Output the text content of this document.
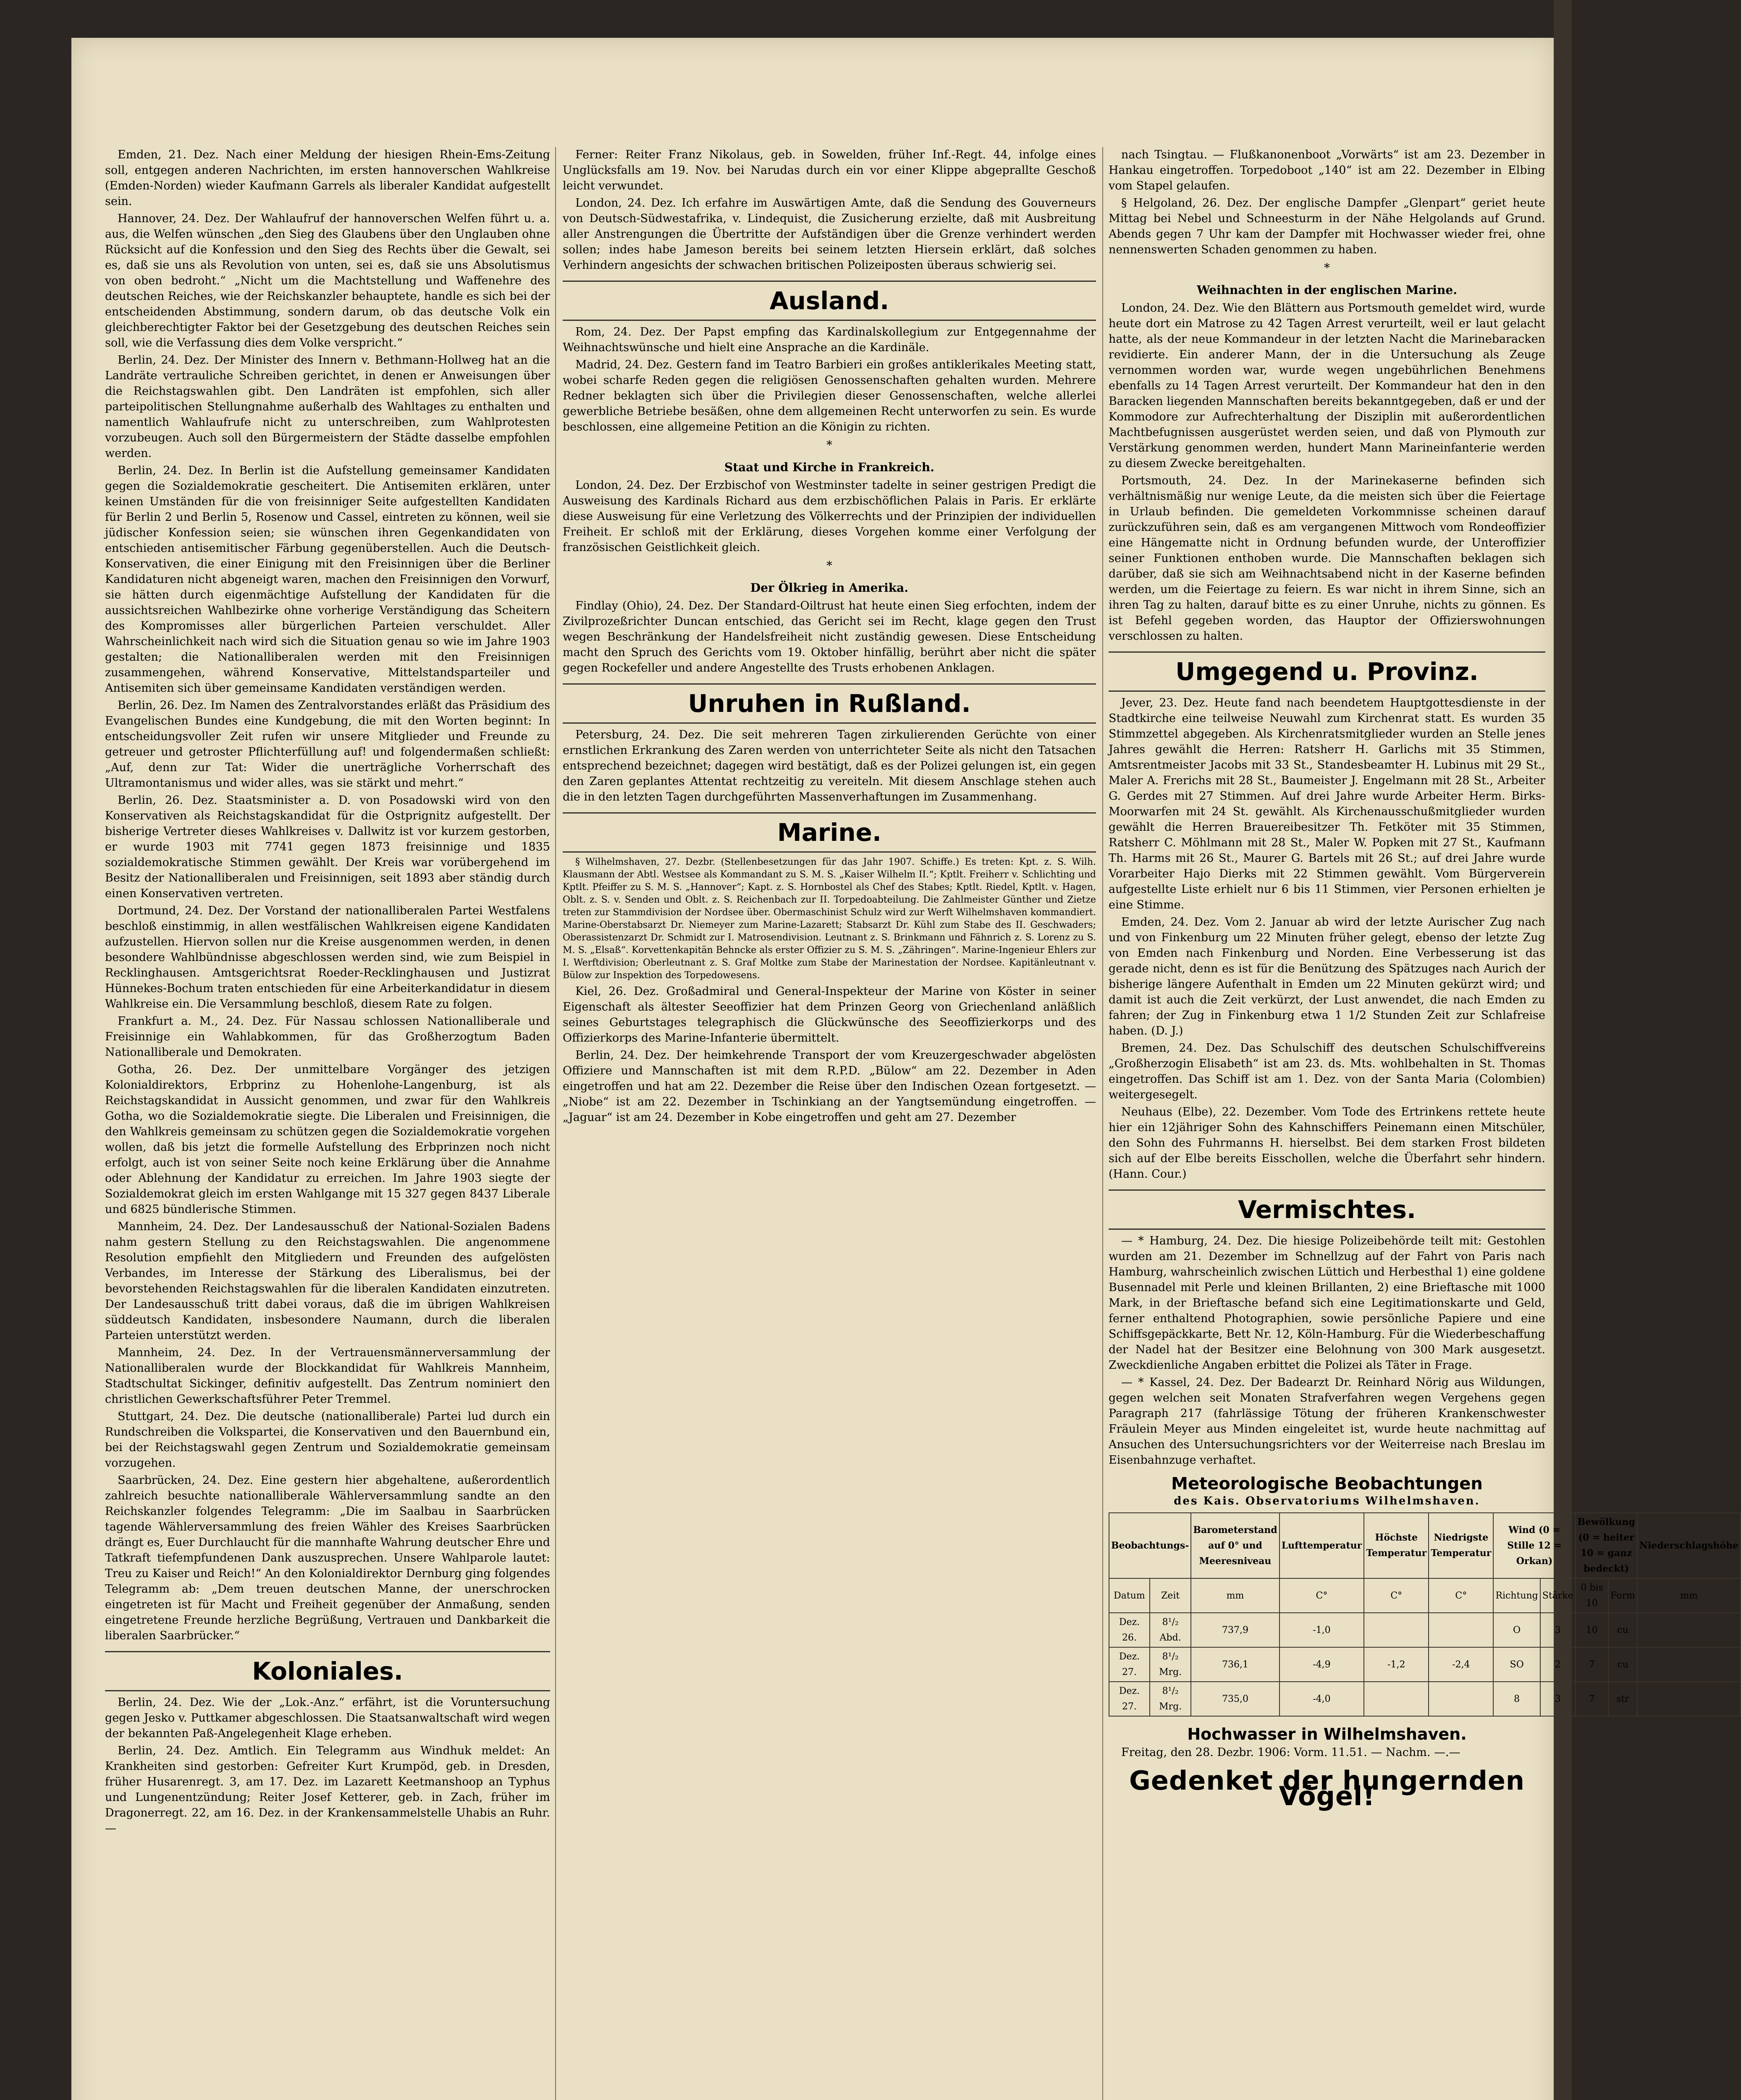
Emden, 21. Dez. Nach einer Meldung der hiesigen Rhein-Ems-Zeitung soll, entgegen anderen Nachrichten, im ersten hannoverschen Wahlkreise (Emden-Norden) wieder Kaufmann Garrels als liberaler Kandidat aufgestellt sein.

Hannover, 24. Dez. Der Wahlaufruf der hannoverschen Welfen führt u. a. aus, die Welfen wünschen „den Sieg des Glaubens über den Unglauben ohne Rücksicht auf die Konfession und den Sieg des Rechts über die Gewalt, sei es, daß sie uns als Revolution von unten, sei es, daß sie uns Absolutismus von oben bedroht.“ „Nicht um die Machtstellung und Waffenehre des deutschen Reiches, wie der Reichskanzler behauptete, handle es sich bei der entscheidenden Abstimmung, sondern darum, ob das deutsche Volk ein gleichberechtigter Faktor bei der Gesetzgebung des deutschen Reiches sein soll, wie die Verfassung dies dem Volke verspricht.“

Berlin, 24. Dez. Der Minister des Innern v. Bethmann-Hollweg hat an die Landräte vertrauliche Schreiben gerichtet, in denen er Anweisungen über die Reichstagswahlen gibt. Den Landräten ist empfohlen, sich aller parteipolitischen Stellungnahme außerhalb des Wahltages zu enthalten und namentlich Wahlaufrufe nicht zu unterschreiben, zum Wahlprotesten vorzubeugen. Auch soll den Bürgermeistern der Städte dasselbe empfohlen werden.

Berlin, 24. Dez. In Berlin ist die Aufstellung gemeinsamer Kandidaten gegen die Sozialdemokratie gescheitert. Die Antisemiten erklären, unter keinen Umständen für die von freisinniger Seite aufgestellten Kandidaten für Berlin 2 und Berlin 5, Rosenow und Cassel, eintreten zu können, weil sie jüdischer Konfession seien; sie wünschen ihren Gegenkandidaten von entschieden antisemitischer Färbung gegenüberstellen. Auch die Deutsch-Konservativen, die einer Einigung mit den Freisinnigen über die Berliner Kandidaturen nicht abgeneigt waren, machen den Freisinnigen den Vorwurf, sie hätten durch eigenmächtige Aufstellung der Kandidaten für die aussichtsreichen Wahlbezirke ohne vorherige Verständigung das Scheitern des Kompromisses aller bürgerlichen Parteien verschuldet. Aller Wahrscheinlichkeit nach wird sich die Situation genau so wie im Jahre 1903 gestalten; die Nationalliberalen werden mit den Freisinnigen zusammengehen, während Konservative, Mittelstandsparteiler und Antisemiten sich über gemeinsame Kandidaten verständigen werden.

Berlin, 26. Dez. Im Namen des Zentralvorstandes erläßt das Präsidium des Evangelischen Bundes eine Kundgebung, die mit den Worten beginnt: In entscheidungsvoller Zeit rufen wir unsere Mitglieder und Freunde zu getreuer und getroster Pflichterfüllung auf! und folgendermaßen schließt: „Auf, denn zur Tat: Wider die unerträgliche Vorherrschaft des Ultramontanismus und wider alles, was sie stärkt und mehrt.“

Berlin, 26. Dez. Staatsminister a. D. von Posadowski wird von den Konservativen als Reichstagskandidat für die Ostprignitz aufgestellt. Der bisherige Vertreter dieses Wahlkreises v. Dallwitz ist vor kurzem gestorben, er wurde 1903 mit 7741 gegen 1873 freisinnige und 1835 sozialdemokratische Stimmen gewählt. Der Kreis war vorübergehend im Besitz der Nationalliberalen und Freisinnigen, seit 1893 aber ständig durch einen Konservativen vertreten.

Dortmund, 24. Dez. Der Vorstand der nationalliberalen Partei Westfalens beschloß einstimmig, in allen westfälischen Wahlkreisen eigene Kandidaten aufzustellen. Hiervon sollen nur die Kreise ausgenommen werden, in denen besondere Wahlbündnisse abgeschlossen werden sind, wie zum Beispiel in Recklinghausen. Amtsgerichtsrat Roeder-Recklinghausen und Justizrat Hünnekes-Bochum traten entschieden für eine Arbeiterkandidatur in diesem Wahlkreise ein. Die Versammlung beschloß, diesem Rate zu folgen.

Frankfurt a. M., 24. Dez. Für Nassau schlossen Nationalliberale und Freisinnige ein Wahlabkommen, für das Großherzogtum Baden Nationalliberale und Demokraten.

Gotha, 26. Dez. Der unmittelbare Vorgänger des jetzigen Kolonialdirektors, Erbprinz zu Hohenlohe-Langenburg, ist als Reichstagskandidat in Aussicht genommen, und zwar für den Wahlkreis Gotha, wo die Sozialdemokratie siegte. Die Liberalen und Freisinnigen, die den Wahlkreis gemeinsam zu schützen gegen die Sozialdemokratie vorgehen wollen, daß bis jetzt die formelle Aufstellung des Erbprinzen noch nicht erfolgt, auch ist von seiner Seite noch keine Erklärung über die Annahme oder Ablehnung der Kandidatur zu erreichen. Im Jahre 1903 siegte der Sozialdemokrat gleich im ersten Wahlgange mit 15 327 gegen 8437 Liberale und 6825 bündlerische Stimmen.

Mannheim, 24. Dez. Der Landesausschuß der National-Sozialen Badens nahm gestern Stellung zu den Reichstagswahlen. Die angenommene Resolution empfiehlt den Mitgliedern und Freunden des aufgelösten Verbandes, im Interesse der Stärkung des Liberalismus, bei der bevorstehenden Reichstagswahlen für die liberalen Kandidaten einzutreten. Der Landesausschuß tritt dabei voraus, daß die im übrigen Wahlkreisen süddeutsch Kandidaten, insbesondere Naumann, durch die liberalen Parteien unterstützt werden.

Mannheim, 24. Dez. In der Vertrauensmännerversammlung der Nationalliberalen wurde der Blockkandidat für Wahlkreis Mannheim, Stadtschultat Sickinger, definitiv aufgestellt. Das Zentrum nominiert den christlichen Gewerkschaftsführer Peter Tremmel.

Stuttgart, 24. Dez. Die deutsche (nationalliberale) Partei lud durch ein Rundschreiben die Volkspartei, die Konservativen und den Bauernbund ein, bei der Reichstagswahl gegen Zentrum und Sozialdemokratie gemeinsam vorzugehen.

Saarbrücken, 24. Dez. Eine gestern hier abgehaltene, außerordentlich zahlreich besuchte nationalliberale Wählerversammlung sandte an den Reichskanzler folgendes Telegramm: „Die im Saalbau in Saarbrücken tagende Wählerversammlung des freien Wähler des Kreises Saarbrücken drängt es, Euer Durchlaucht für die mannhafte Wahrung deutscher Ehre und Tatkraft tiefempfundenen Dank auszusprechen. Unsere Wahlparole lautet: Treu zu Kaiser und Reich!“ An den Kolonialdirektor Dernburg ging folgendes Telegramm ab: „Dem treuen deutschen Manne, der unerschrocken eingetreten ist für Macht und Freiheit gegenüber der Anmaßung, senden eingetretene Freunde herzliche Begrüßung, Vertrauen und Dankbarkeit die liberalen Saarbrücker.“

Koloniales.

Berlin, 24. Dez. Wie der „Lok.-Anz.“ erfährt, ist die Voruntersuchung gegen Jesko v. Puttkamer abgeschlossen. Die Staatsanwaltschaft wird wegen der bekannten Paß-Angelegenheit Klage erheben.

Berlin, 24. Dez. Amtlich. Ein Telegramm aus Windhuk meldet: An Krankheiten sind gestorben: Gefreiter Kurt Krumpöd, geb. in Dresden, früher Husarenregt. 3, am 17. Dez. im Lazarett Keetmanshoop an Typhus und Lungenentzündung; Reiter Josef Ketterer, geb. in Zach, früher im Dragonerregt. 22, am 16. Dez. in der Krankensammelstelle Uhabis an Ruhr. —

Ferner: Reiter Franz Nikolaus, geb. in Sowelden, früher Inf.-Regt. 44, infolge eines Unglücksfalls am 19. Nov. bei Narudas durch ein vor einer Klippe abgeprallte Geschoß leicht verwundet.

London, 24. Dez. Ich erfahre im Auswärtigen Amte, daß die Sendung des Gouverneurs von Deutsch-Südwestafrika, v. Lindequist, die Zusicherung erzielte, daß mit Ausbreitung aller Anstrengungen die Übertritte der Aufständigen über die Grenze verhindert werden sollen; indes habe Jameson bereits bei seinem letzten Hiersein erklärt, daß solches Verhindern angesichts der schwachen britischen Polizeiposten überaus schwierig sei.

Ausland.

Rom, 24. Dez. Der Papst empfing das Kardinalskollegium zur Entgegennahme der Weihnachtswünsche und hielt eine Ansprache an die Kardinäle.

Madrid, 24. Dez. Gestern fand im Teatro Barbieri ein großes antiklerikales Meeting statt, wobei scharfe Reden gegen die religiösen Genossenschaften gehalten wurden. Mehrere Redner beklagten sich über die Privilegien dieser Genossenschaften, welche allerlei gewerbliche Betriebe besäßen, ohne dem allgemeinen Recht unterworfen zu sein. Es wurde beschlossen, eine allgemeine Petition an die Königin zu richten.

*
Staat und Kirche in Frankreich.

London, 24. Dez. Der Erzbischof von Westminster tadelte in seiner gestrigen Predigt die Ausweisung des Kardinals Richard aus dem erzbischöflichen Palais in Paris. Er erklärte diese Ausweisung für eine Verletzung des Völkerrechts und der Prinzipien der individuellen Freiheit. Er schloß mit der Erklärung, dieses Vorgehen komme einer Verfolgung der französischen Geistlichkeit gleich.

*
Der Ölkrieg in Amerika.

Findlay (Ohio), 24. Dez. Der Standard-Oiltrust hat heute einen Sieg erfochten, indem der Zivilprozeßrichter Duncan entschied, das Gericht sei im Recht, klage gegen den Trust wegen Beschränkung der Handelsfreiheit nicht zuständig gewesen. Diese Entscheidung macht den Spruch des Gerichts vom 19. Oktober hinfällig, berührt aber nicht die später gegen Rockefeller und andere Angestellte des Trusts erhobenen Anklagen.

Unruhen in Rußland.

Petersburg, 24. Dez. Die seit mehreren Tagen zirkulierenden Gerüchte von einer ernstlichen Erkrankung des Zaren werden von unterrichteter Seite als nicht den Tatsachen entsprechend bezeichnet; dagegen wird bestätigt, daß es der Polizei gelungen ist, ein gegen den Zaren geplantes Attentat rechtzeitig zu vereiteln. Mit diesem Anschlage stehen auch die in den letzten Tagen durchgeführten Massenverhaftungen im Zusammenhang.

Marine.

§ Wilhelmshaven, 27. Dezbr. (Stellenbesetzungen für das Jahr 1907. Schiffe.) Es treten: Kpt. z. S. Wilh. Klausmann der Abtl. Westsee als Kommandant zu S. M. S. „Kaiser Wilhelm II.“; Kptlt. Freiherr v. Schlichting und Kptlt. Pfeiffer zu S. M. S. „Hannover“; Kapt. z. S. Hornbostel als Chef des Stabes; Kptlt. Riedel, Kptlt. v. Hagen, Oblt. z. S. v. Senden und Oblt. z. S. Reichenbach zur II. Torpedoabteilung. Die Zahlmeister Günther und Zietze treten zur Stammdivision der Nordsee über. Obermaschinist Schulz wird zur Werft Wilhelmshaven kommandiert. Marine-Oberstabsarzt Dr. Niemeyer zum Marine-Lazarett; Stabsarzt Dr. Kühl zum Stabe des II. Geschwaders; Oberassistenzarzt Dr. Schmidt zur I. Matrosendivision. Leutnant z. S. Brinkmann und Fähnrich z. S. Lorenz zu S. M. S. „Elsaß“. Korvettenkapitän Behncke als erster Offizier zu S. M. S. „Zähringen“. Marine-Ingenieur Ehlers zur I. Werftdivision; Oberleutnant z. S. Graf Moltke zum Stabe der Marinestation der Nordsee. Kapitänleutnant v. Bülow zur Inspektion des Torpedowesens.

Kiel, 26. Dez. Großadmiral und General-Inspekteur der Marine von Köster in seiner Eigenschaft als ältester Seeoffizier hat dem Prinzen Georg von Griechenland anläßlich seines Geburtstages telegraphisch die Glückwünsche des Seeoffizierkorps und des Offizierkorps des Marine-Infanterie übermittelt.

Berlin, 24. Dez. Der heimkehrende Transport der vom Kreuzergeschwader abgelösten Offiziere und Mannschaften ist mit dem R.P.D. „Bülow“ am 22. Dezember in Aden eingetroffen und hat am 22. Dezember die Reise über den Indischen Ozean fortgesetzt. — „Niobe“ ist am 22. Dezember in Tschinkiang an der Yangtsemündung eingetroffen. — „Jaguar“ ist am 24. Dezember in Kobe eingetroffen und geht am 27. Dezember

nach Tsingtau. — Flußkanonenboot „Vorwärts“ ist am 23. Dezember in Hankau eingetroffen. Torpedoboot „140“ ist am 22. Dezember in Elbing vom Stapel gelaufen.

§ Helgoland, 26. Dez. Der englische Dampfer „Glenpart“ geriet heute Mittag bei Nebel und Schneesturm in der Nähe Helgolands auf Grund. Abends gegen 7 Uhr kam der Dampfer mit Hochwasser wieder frei, ohne nennenswerten Schaden genommen zu haben.

*
Weihnachten in der englischen Marine.

London, 24. Dez. Wie den Blättern aus Portsmouth gemeldet wird, wurde heute dort ein Matrose zu 42 Tagen Arrest verurteilt, weil er laut gelacht hatte, als der neue Kommandeur in der letzten Nacht die Marinebaracken revidierte. Ein anderer Mann, der in die Untersuchung als Zeuge vernommen worden war, wurde wegen ungebührlichen Benehmens ebenfalls zu 14 Tagen Arrest verurteilt. Der Kommandeur hat den in den Baracken liegenden Mannschaften bereits bekanntgegeben, daß er und der Kommodore zur Aufrechterhaltung der Disziplin mit außerordentlichen Machtbefugnissen ausgerüstet werden seien, und daß von Plymouth zur Verstärkung genommen werden, hundert Mann Marineinfanterie werden zu diesem Zwecke bereitgehalten.

Portsmouth, 24. Dez. In der Marinekaserne befinden sich verhältnismäßig nur wenige Leute, da die meisten sich über die Feiertage in Urlaub befinden. Die gemeldeten Vorkommnisse scheinen darauf zurückzuführen sein, daß es am vergangenen Mittwoch vom Rondeoffizier eine Hängematte nicht in Ordnung befunden wurde, der Unteroffizier seiner Funktionen enthoben wurde. Die Mannschaften beklagen sich darüber, daß sie sich am Weihnachtsabend nicht in der Kaserne befinden werden, um die Feiertage zu feiern. Es war nicht in ihrem Sinne, sich an ihren Tag zu halten, darauf bitte es zu einer Unruhe, nichts zu gönnen. Es ist Befehl gegeben worden, das Hauptor der Offizierswohnungen verschlossen zu halten.

Umgegend u. Provinz.

Jever, 23. Dez. Heute fand nach beendetem Hauptgottesdienste in der Stadtkirche eine teilweise Neuwahl zum Kirchenrat statt. Es wurden 35 Stimmzettel abgegeben. Als Kirchenratsmitglieder wurden an Stelle jenes Jahres gewählt die Herren: Ratsherr H. Garlichs mit 35 Stimmen, Amtsrentmeister Jacobs mit 33 St., Standesbeamter H. Lubinus mit 29 St., Maler A. Frerichs mit 28 St., Baumeister J. Engelmann mit 28 St., Arbeiter G. Gerdes mit 27 Stimmen. Auf drei Jahre wurde Arbeiter Herm. Birks-Moorwarfen mit 24 St. gewählt. Als Kirchenausschußmitglieder wurden gewählt die Herren Brauereibesitzer Th. Fetköter mit 35 Stimmen, Ratsherr C. Möhlmann mit 28 St., Maler W. Popken mit 27 St., Kaufmann Th. Harms mit 26 St., Maurer G. Bartels mit 26 St.; auf drei Jahre wurde Vorarbeiter Hajo Dierks mit 22 Stimmen gewählt. Vom Bürgerverein aufgestellte Liste erhielt nur 6 bis 11 Stimmen, vier Personen erhielten je eine Stimme.

Emden, 24. Dez. Vom 2. Januar ab wird der letzte Aurischer Zug nach und von Finkenburg um 22 Minuten früher gelegt, ebenso der letzte Zug von Emden nach Finkenburg und Norden. Eine Verbesserung ist das gerade nicht, denn es ist für die Benützung des Spätzuges nach Aurich der bisherige längere Aufenthalt in Emden um 22 Minuten gekürzt wird; und damit ist auch die Zeit verkürzt, der Lust anwendet, die nach Emden zu fahren; der Zug in Finkenburg etwa 1 1/2 Stunden Zeit zur Schlafreise haben. (D. J.)

Bremen, 24. Dez. Das Schulschiff des deutschen Schulschiffvereins „Großherzogin Elisabeth“ ist am 23. ds. Mts. wohlbehalten in St. Thomas eingetroffen. Das Schiff ist am 1. Dez. von der Santa Maria (Colombien) weitergesegelt.

Neuhaus (Elbe), 22. Dezember. Vom Tode des Ertrinkens rettete heute hier ein 12jähriger Sohn des Kahnschiffers Peinemann einen Mitschüler, den Sohn des Fuhrmanns H. hierselbst. Bei dem starken Frost bildeten sich auf der Elbe bereits Eisschollen, welche die Überfahrt sehr hindern. (Hann. Cour.)

Vermischtes.

— * Hamburg, 24. Dez. Die hiesige Polizeibehörde teilt mit: Gestohlen wurden am 21. Dezember im Schnellzug auf der Fahrt von Paris nach Hamburg, wahrscheinlich zwischen Lüttich und Herbesthal 1) eine goldene Busennadel mit Perle und kleinen Brillanten, 2) eine Brieftasche mit 1000 Mark, in der Brieftasche befand sich eine Legitimationskarte und Geld, ferner enthaltend Photographien, sowie persönliche Papiere und eine Schiffsgepäckkarte, Bett Nr. 12, Köln-Hamburg. Für die Wiederbeschaffung der Nadel hat der Besitzer eine Belohnung von 300 Mark ausgesetzt. Zweckdienliche Angaben erbittet die Polizei als Täter in Frage.

— * Kassel, 24. Dez. Der Badearzt Dr. Reinhard Nörig aus Wildungen, gegen welchen seit Monaten Strafverfahren wegen Vergehens gegen Paragraph 217 (fahrlässige Tötung der früheren Krankenschwester Fräulein Meyer aus Minden eingeleitet ist, wurde heute nachmittag auf Ansuchen des Untersuchungsrichters vor der Weiterreise nach Breslau im Eisenbahnzuge verhaftet.

Meteorologische Beobachtungen
des Kais. Observatoriums Wilhelmshaven.
Beobachtungs-		Barometerstand auf 0° und Meeresniveau	Lufttemperatur	Höchste Temperatur	Niedrigste Temperatur	Wind (0 = Stille 12 = Orkan)		Bewölkung (0 = heiter 10 = ganz bedeckt)		Niederschlagshöhe
Datum	Zeit	mm	C°	C°	C°	Richtung	Stärke	0 bis 10	Form	mm
Dez. 26.	8¹/₂ Abd.	737,9	-1,0			O	3	10	cu	
Dez. 27.	8¹/₂ Mrg.	736,1	-4,9	-1,2	-2,4	SO	2	7	cu	
Dez. 27.	8¹/₂ Mrg.	735,0	-4,0			8	3	7	str	
Hochwasser in Wilhelmshaven.

Freitag, den 28. Dezbr. 1906: Vorm. 11.51. — Nachm. —.—

Gedenket der hungernden Vögel!
